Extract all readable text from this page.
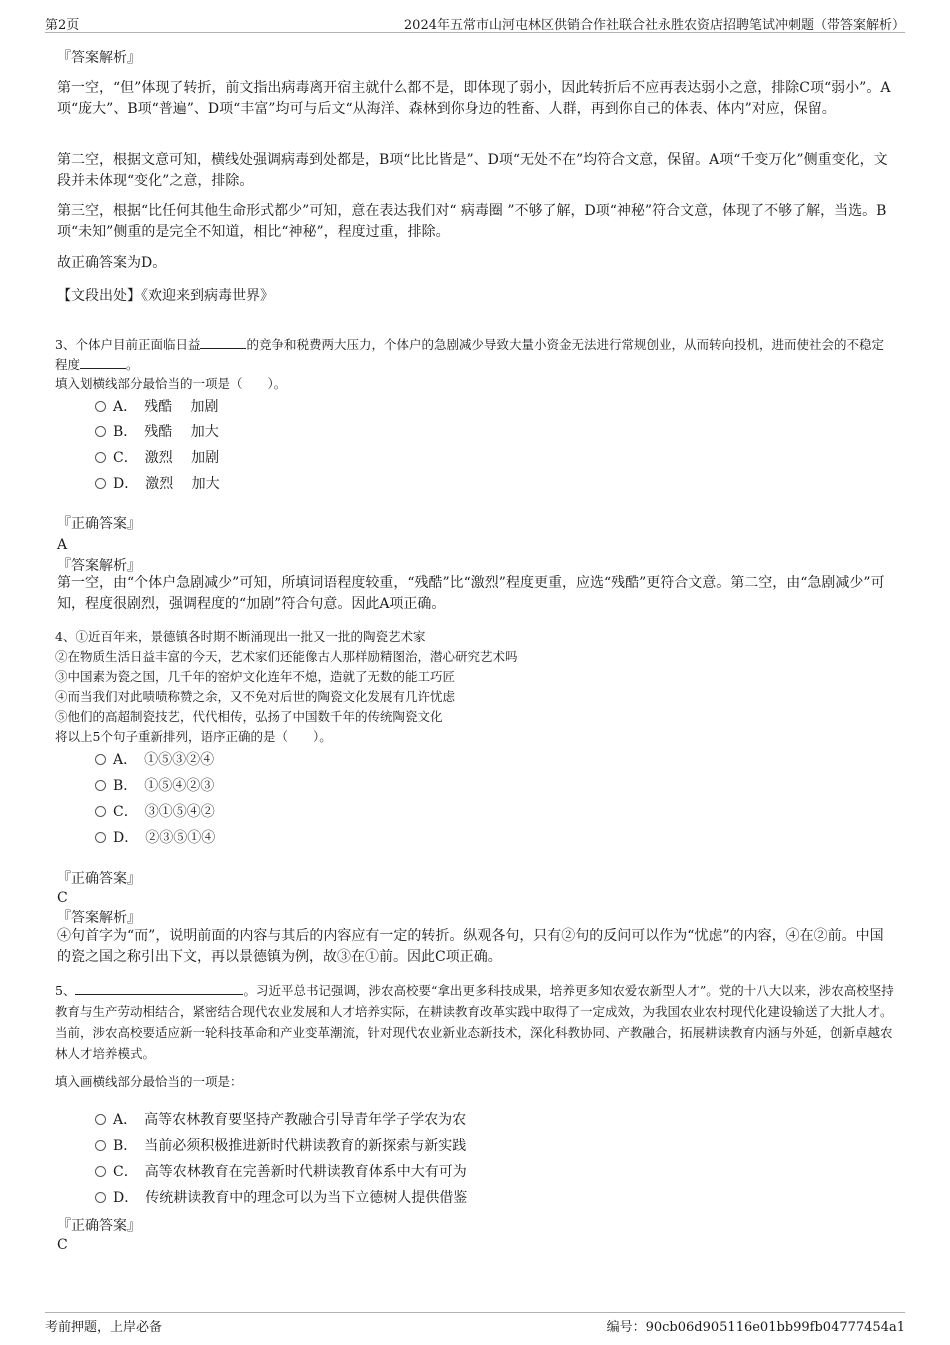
第2页	2024年五常市山河屯林区供销合作社联合社永胜农资店招聘笔试冲刺题（带答案解析）
『答案解析』
第一空，“但”体现了转折，前文指出病毒离开宿主就什么都不是，即体现了弱小，因此转折后不应再表达弱小之意，排除C项“弱小”。A项“庞大”、B项“普遍”、D项“丰富”均可与后文“从海洋、森林到你身边的牲畜、人群，再到你自己的体表、体内”对应，保留。
第二空，根据文意可知，横线处强调病毒到处都是，B项“比比皆是”、D项“无处不在”均符合文意，保留。A项“千变万化”侧重变化，文段并未体现“变化”之意，排除。
第三空，根据“比任何其他生命形式都少”可知，意在表达我们对“ 病毒圈 ”不够了解，D项“神秘”符合文意，体现了不够了解，当选。B项“未知”侧重的是完全不知道，相比“神秘”，程度过重，排除。
故正确答案为D。
【文段出处】《欢迎来到病毒世界》
3、个体户目前正面临日益	的竞争和税费两大压力，个体户的急剧减少导致大量小资金无法进行常规创业，从而转向投机，进而使社会的不稳定程度	。
填入划横线部分最恰当的一项是（　　）。
A．　残酷　 加剧
B．　残酷　 加大
C．　激烈　 加剧
D．　激烈　 加大
『正确答案』
A
『答案解析』
第一空，由“个体户急剧减少”可知，所填词语程度较重，“残酷”比“激烈”程度更重，应选“残酷”更符合文意。第二空，由“急剧减少”可知，程度很剧烈，强调程度的“加剧”符合句意。因此A项正确。
4、①近百年来，景德镇各时期不断涌现出一批又一批的陶瓷艺术家
②在物质生活日益丰富的今天，艺术家们还能像古人那样励精图治，潜心研究艺术吗
③中国素为瓷之国，几千年的窑炉文化连年不熄，造就了无数的能工巧匠
④而当我们对此啧啧称赞之余，又不免对后世的陶瓷文化发展有几许忧虑
⑤他们的高超制瓷技艺，代代相传，弘扬了中国数千年的传统陶瓷文化
将以上5个句子重新排列，语序正确的是（　　）。
A．　①⑤③②④
B．　①⑤④②③
C．　③①⑤④②
D．　②③⑤①④
『正确答案』
C
『答案解析』
④句首字为“而”，说明前面的内容与其后的内容应有一定的转折。纵观各句，只有②句的反问可以作为“忧虑”的内容，④在②前。中国的瓷之国之称引出下文，再以景德镇为例，故③在①前。因此C项正确。
5、	。习近平总书记强调，涉农高校要“拿出更多科技成果，培养更多知农爱农新型人才”。党的十八大以来，涉农高校坚持教育与生产劳动相结合，紧密结合现代农业发展和人才培养实际，在耕读教育改革实践中取得了一定成效，为我国农业农村现代化建设输送了大批人才。当前，涉农高校要适应新一轮科技革命和产业变革潮流，针对现代农业新业态新技术，深化科教协同、产教融合，拓展耕读教育内涵与外延，创新卓越农林人才培养模式。
填入画横线部分最恰当的一项是：
A．　高等农林教育要坚持产教融合引导青年学子学农为农
B．　当前必须积极推进新时代耕读教育的新探索与新实践
C．　高等农林教育在完善新时代耕读教育体系中大有可为
D．　传统耕读教育中的理念可以为当下立德树人提供借鉴
『正确答案』
C
考前押题，上岸必备	编号：90cb06d905116e01bb99fb04777454a1
